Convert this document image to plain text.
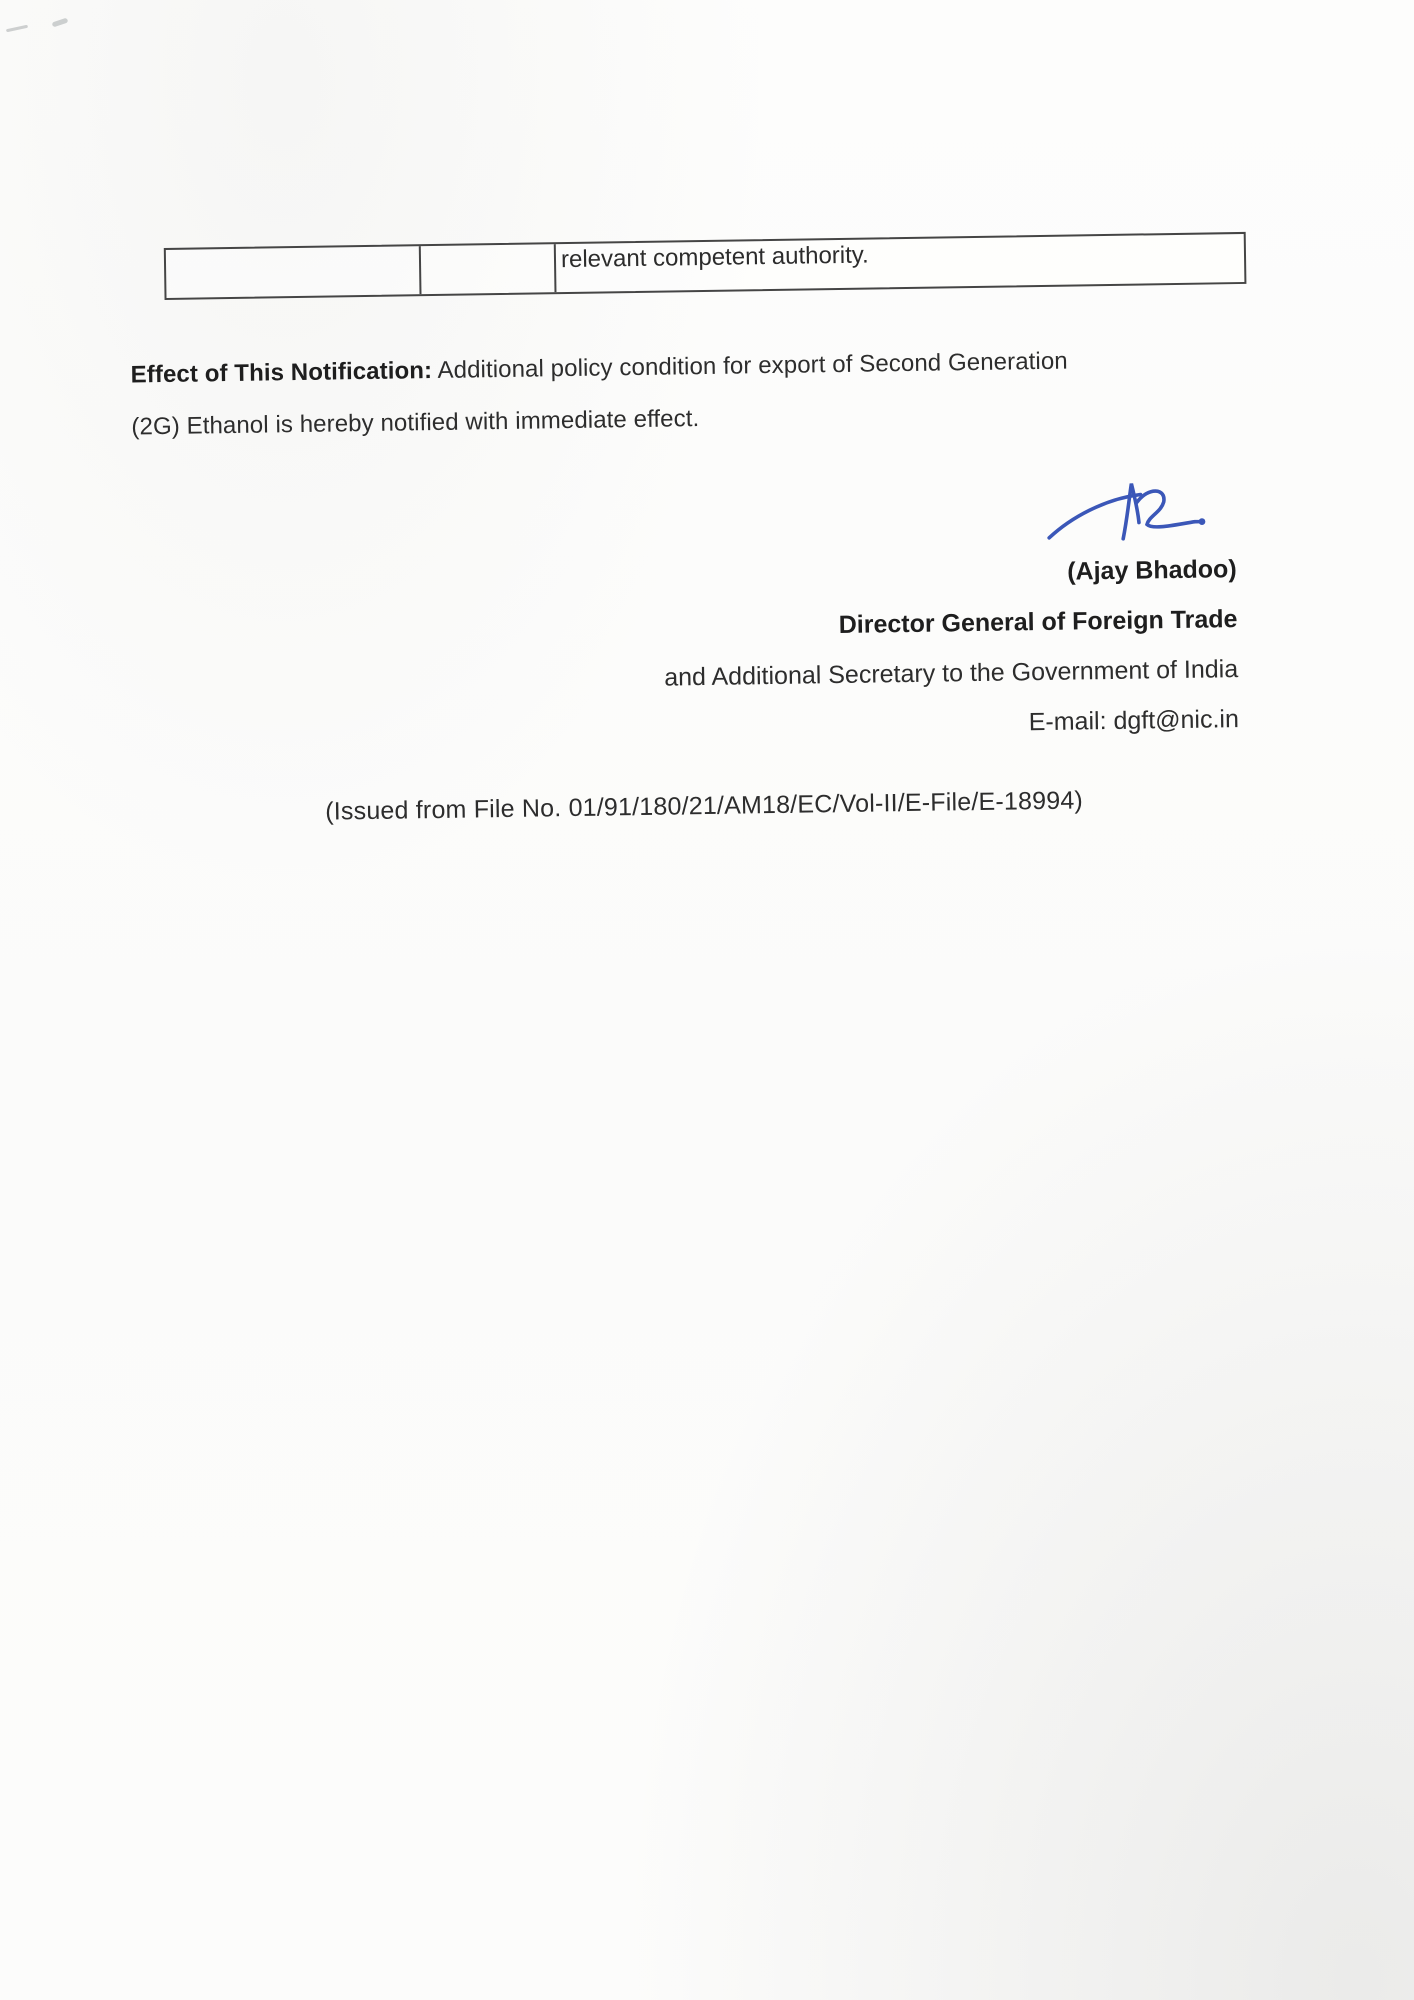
relevant competent authority.
Effect of This Notification: Additional policy condition for export of Second Generation
(2G) Ethanol is hereby notified with immediate effect.
(Ajay Bhadoo)
Director General of Foreign Trade
and Additional Secretary to the Government of India
E-mail: dgft@nic.in
(Issued from File No. 01/91/180/21/AM18/EC/Vol-II/E-File/E-18994)
